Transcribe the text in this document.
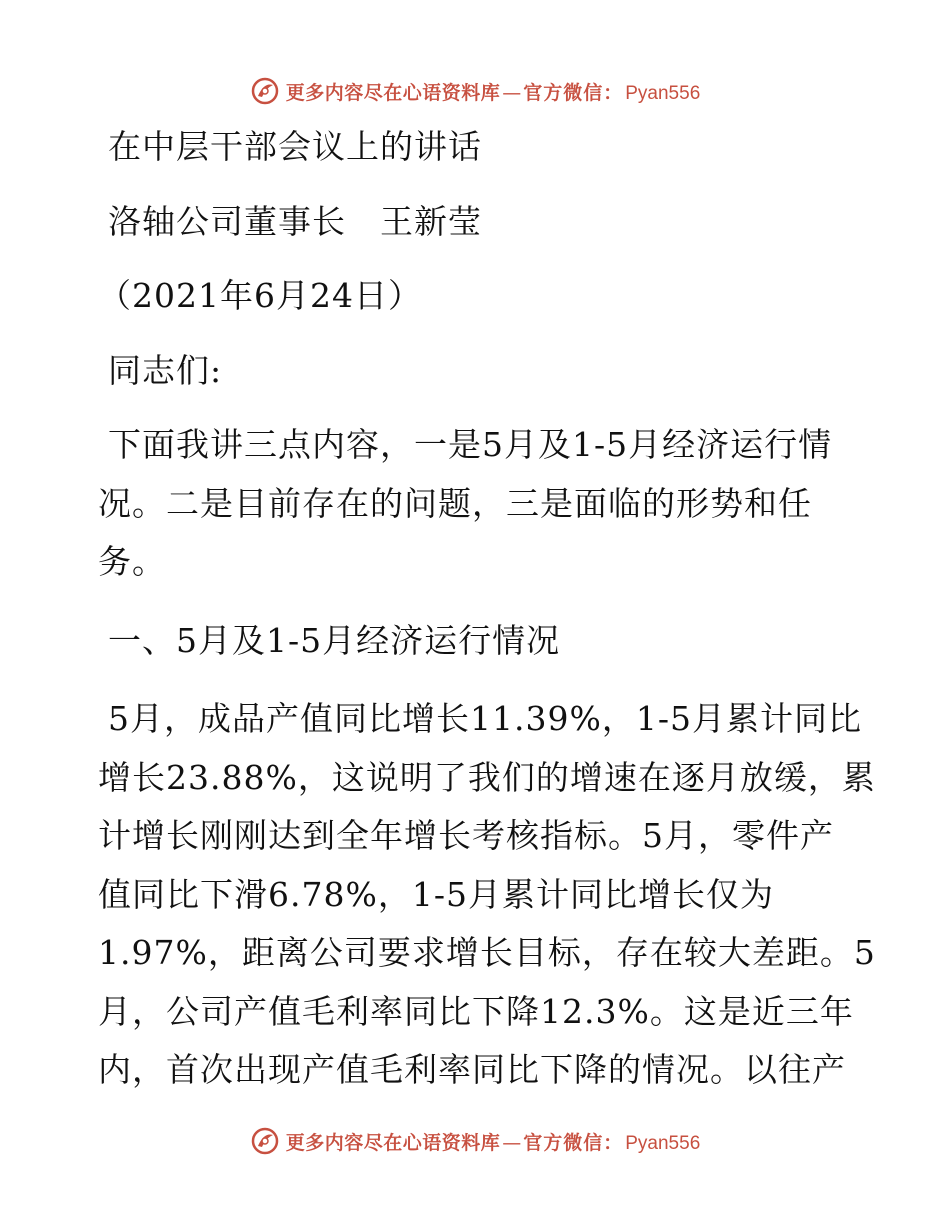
更多内容尽在心语资料库 — 官方微信： Pyan556
在中层干部会议上的讲话
洛轴公司董事长　王新莹
（2021年6月24日）
同志们:
下面我讲三点内容，一是5月及1-5月经济运行情
况。二是目前存在的问题，三是面临的形势和任
务。
一、5月及1-5月经济运行情况
5月，成品产值同比增长11.39%，1-5月累计同比
增长23.88%，这说明了我们的增速在逐月放缓，累
计增长刚刚达到全年增长考核指标。5月，零件产
值同比下滑6.78%，1-5月累计同比增长仅为
1.97%，距离公司要求增长目标，存在较大差距。5
月，公司产值毛利率同比下降12.3%。这是近三年
内，首次出现产值毛利率同比下降的情况。以往产
更多内容尽在心语资料库 — 官方微信： Pyan556
